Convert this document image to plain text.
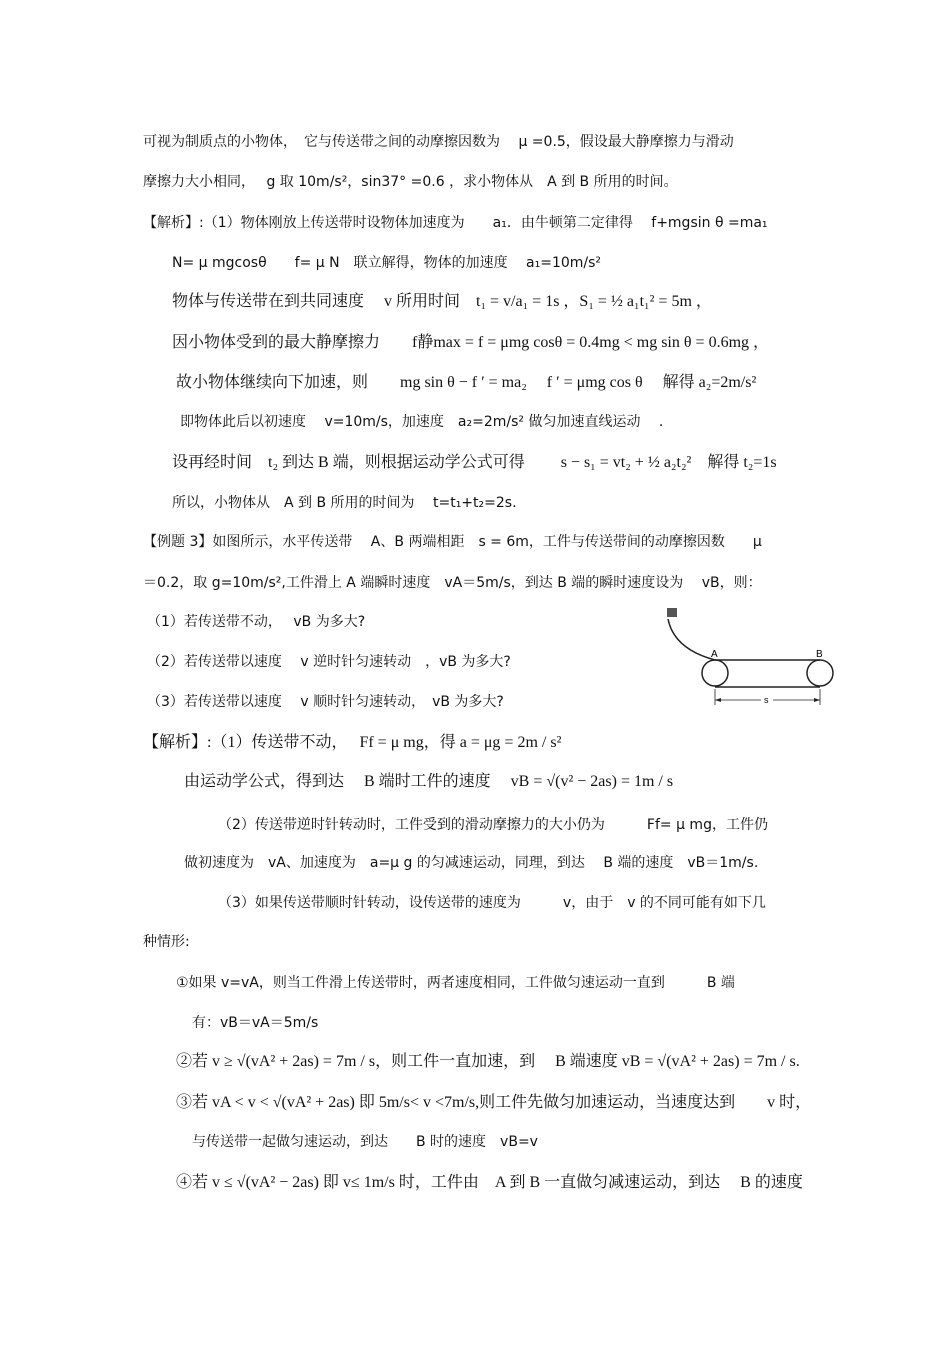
可视为制质点的小物体，　它与传送带之间的动摩擦因数为　 μ =0.5，假设最大静摩擦力与滑动
摩擦力大小相同，　 g 取 10m/s²，sin37° =0.6 ，求小物体从　A 到 B 所用的时间。
【解析】:（1）物体刚放上传送带时设物体加速度为　　a₁．由牛顿第二定律得　 f+mgsin θ =ma₁
N= μ mgcosθ　　f= μ N　联立解得，物体的加速度　 a₁=10m/s²
物体与传送带在到共同速度　 v 所用时间　t₁ = v/a₁ = 1s ，S₁ = ½ a₁t₁² = 5m ，
因小物体受到的最大静摩擦力　　f静max = f = μmg cosθ = 0.4mg < mg sin θ = 0.6mg ，
故小物体继续向下加速，则　　mg sin θ − f ′ = ma₂　 f ′ = μmg cos θ　 解得 a₂=2m/s²
即物体此后以初速度　 v=10m/s，加速度　a₂=2m/s² 做匀加速直线运动　 .
设再经时间　t₂ 到达 B 端，则根据运动学公式可得　　 s − s₁ = vt₂ + ½ a₂t₂²　解得 t₂=1s
所以，小物体从　A 到 B 所用的时间为　 t=t₁+t₂=2s.
【例题 3】如图所示，水平传送带　 A、B 两端相距　s = 6m，工件与传送带间的动摩擦因数　　μ
＝0.2，取 g=10m/s²,工件滑上 A 端瞬时速度　vA＝5m/s，到达 B 端的瞬时速度设为　 vB，则：
（1）若传送带不动，　 vB 为多大?
（2）若传送带以速度　 v 逆时针匀速转动　，vB 为多大?
（3）若传送带以速度　 v 顺时针匀速转动，　vB 为多大?
【解析】:（1）传送带不动，　 Ff = μ mg，得 a = μg = 2m / s²
由运动学公式，得到达　 B 端时工件的速度　 vB = √(v² − 2as) = 1m / s
（2）传送带逆时针转动时，工件受到的滑动摩擦力的大小仍为　　　Ff= μ mg，工件仍
做初速度为　vA、加速度为　a=μ g 的匀减速运动，同理，到达　 B 端的速度　vB＝1m/s.
（3）如果传送带顺时针转动，设传送带的速度为　　　v，由于　v 的不同可能有如下几
种情形:
①如果 v=vA，则当工件滑上传送带时，两者速度相同，工件做匀速运动一直到　　　B 端
有：vB＝vA＝5m/s
②若 v ≥ √(vA² + 2as) = 7m / s，则工件一直加速，到　 B 端速度 vB = √(vA² + 2as) = 7m / s.
③若 vA < v < √(vA² + 2as) 即 5m/s< v <7m/s,则工件先做匀加速运动，当速度达到　　v 时，
与传送带一起做匀速运动，到达　　B 时的速度　vB=v
④若 v ≤ √(vA² − 2as) 即 v≤ 1m/s 时，工件由　A 到 B 一直做匀减速运动，到达　 B 的速度
A	B
s
